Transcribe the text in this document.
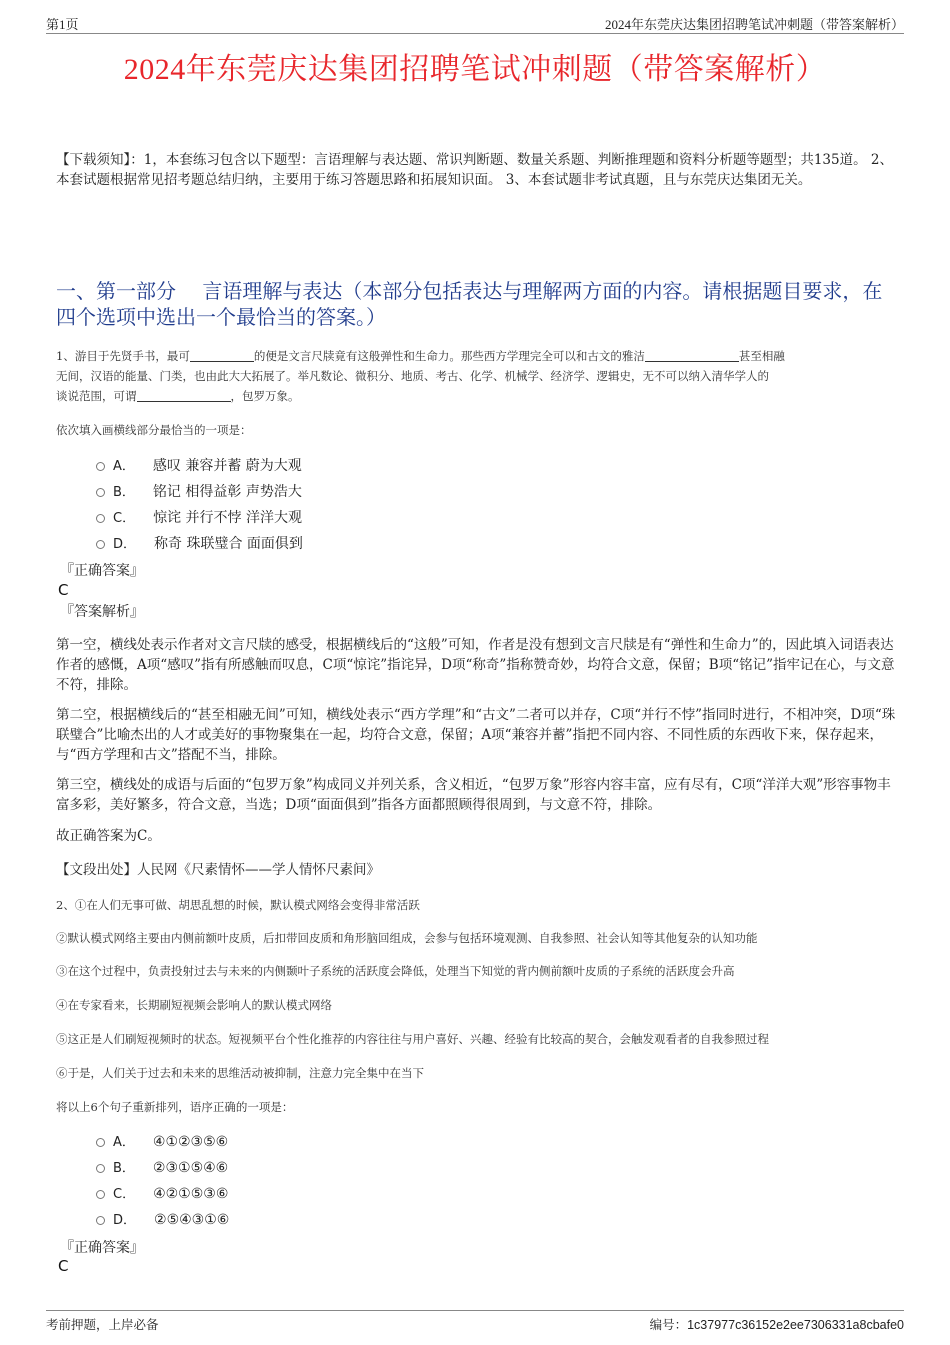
第1页	2024年东莞庆达集团招聘笔试冲刺题（带答案解析）
2024年东莞庆达集团招聘笔试冲刺题（带答案解析）
【下载须知】：1，本套练习包含以下题型：言语理解与表达题、常识判断题、数量关系题、判断推理题和资料分析题等题型；共135道。 2、本套试题根据常见招考题总结归纳，主要用于练习答题思路和拓展知识面。 3、本套试题非考试真题，且与东莞庆达集团无关。
一、第一部分　 言语理解与表达（本部分包括表达与理解两方面的内容。请根据题目要求，在四个选项中选出一个最恰当的答案。）
1、游目于先贤手书，最可	的便是文言尺牍竟有这般弹性和生命力。那些西方学理完全可以和古文的雅洁	甚至相融
无间，汉语的能量、门类，也由此大大拓展了。举凡数论、微积分、地质、考古、化学、机械学、经济学、逻辑史，无不可以纳入清华学人的
谈说范围，可谓	，包罗万象。
依次填入画横线部分最恰当的一项是：
A． 感叹 兼容并蓄 蔚为大观
B． 铭记 相得益彰 声势浩大
C． 惊诧 并行不悖 洋洋大观
D． 称奇 珠联璧合 面面俱到
『正确答案』
C
『答案解析』
第一空，横线处表示作者对文言尺牍的感受，根据横线后的“这般”可知，作者是没有想到文言尺牍是有“弹性和生命力”的，因此填入词语表达作者的感慨，A项“感叹”指有所感触而叹息，C项“惊诧”指诧异，D项“称奇”指称赞奇妙，均符合文意，保留；B项“铭记”指牢记在心，与文意不符，排除。
第二空，根据横线后的“甚至相融无间”可知，横线处表示“西方学理”和“古文”二者可以并存，C项“并行不悖”指同时进行，不相冲突，D项“珠联璧合”比喻杰出的人才或美好的事物聚集在一起，均符合文意，保留；A项“兼容并蓄”指把不同内容、不同性质的东西收下来，保存起来，与“西方学理和古文”搭配不当，排除。
第三空，横线处的成语与后面的“包罗万象”构成同义并列关系，含义相近，“包罗万象”形容内容丰富，应有尽有，C项“洋洋大观”形容事物丰富多彩，美好繁多，符合文意，当选；D项“面面俱到”指各方面都照顾得很周到，与文意不符，排除。
故正确答案为C。
【文段出处】人民网《尺素情怀——学人情怀尺素间》
2、①在人们无事可做、胡思乱想的时候，默认模式网络会变得非常活跃
②默认模式网络主要由内侧前额叶皮质，后扣带回皮质和角形脑回组成，会参与包括环境观测、自我参照、社会认知等其他复杂的认知功能
③在这个过程中，负责投射过去与未来的内侧颞叶子系统的活跃度会降低，处理当下知觉的背内侧前额叶皮质的子系统的活跃度会升高
④在专家看来，长期刷短视频会影响人的默认模式网络
⑤这正是人们刷短视频时的状态。短视频平台个性化推荐的内容往往与用户喜好、兴趣、经验有比较高的契合，会触发观看者的自我参照过程
⑥于是，人们关于过去和未来的思维活动被抑制，注意力完全集中在当下
将以上6个句子重新排列，语序正确的一项是：
A． ④①②③⑤⑥
B． ②③①⑤④⑥
C． ④②①⑤③⑥
D． ②⑤④③①⑥
『正确答案』
C
考前押题，上岸必备	编号：1c37977c36152e2ee7306331a8cbafe0
